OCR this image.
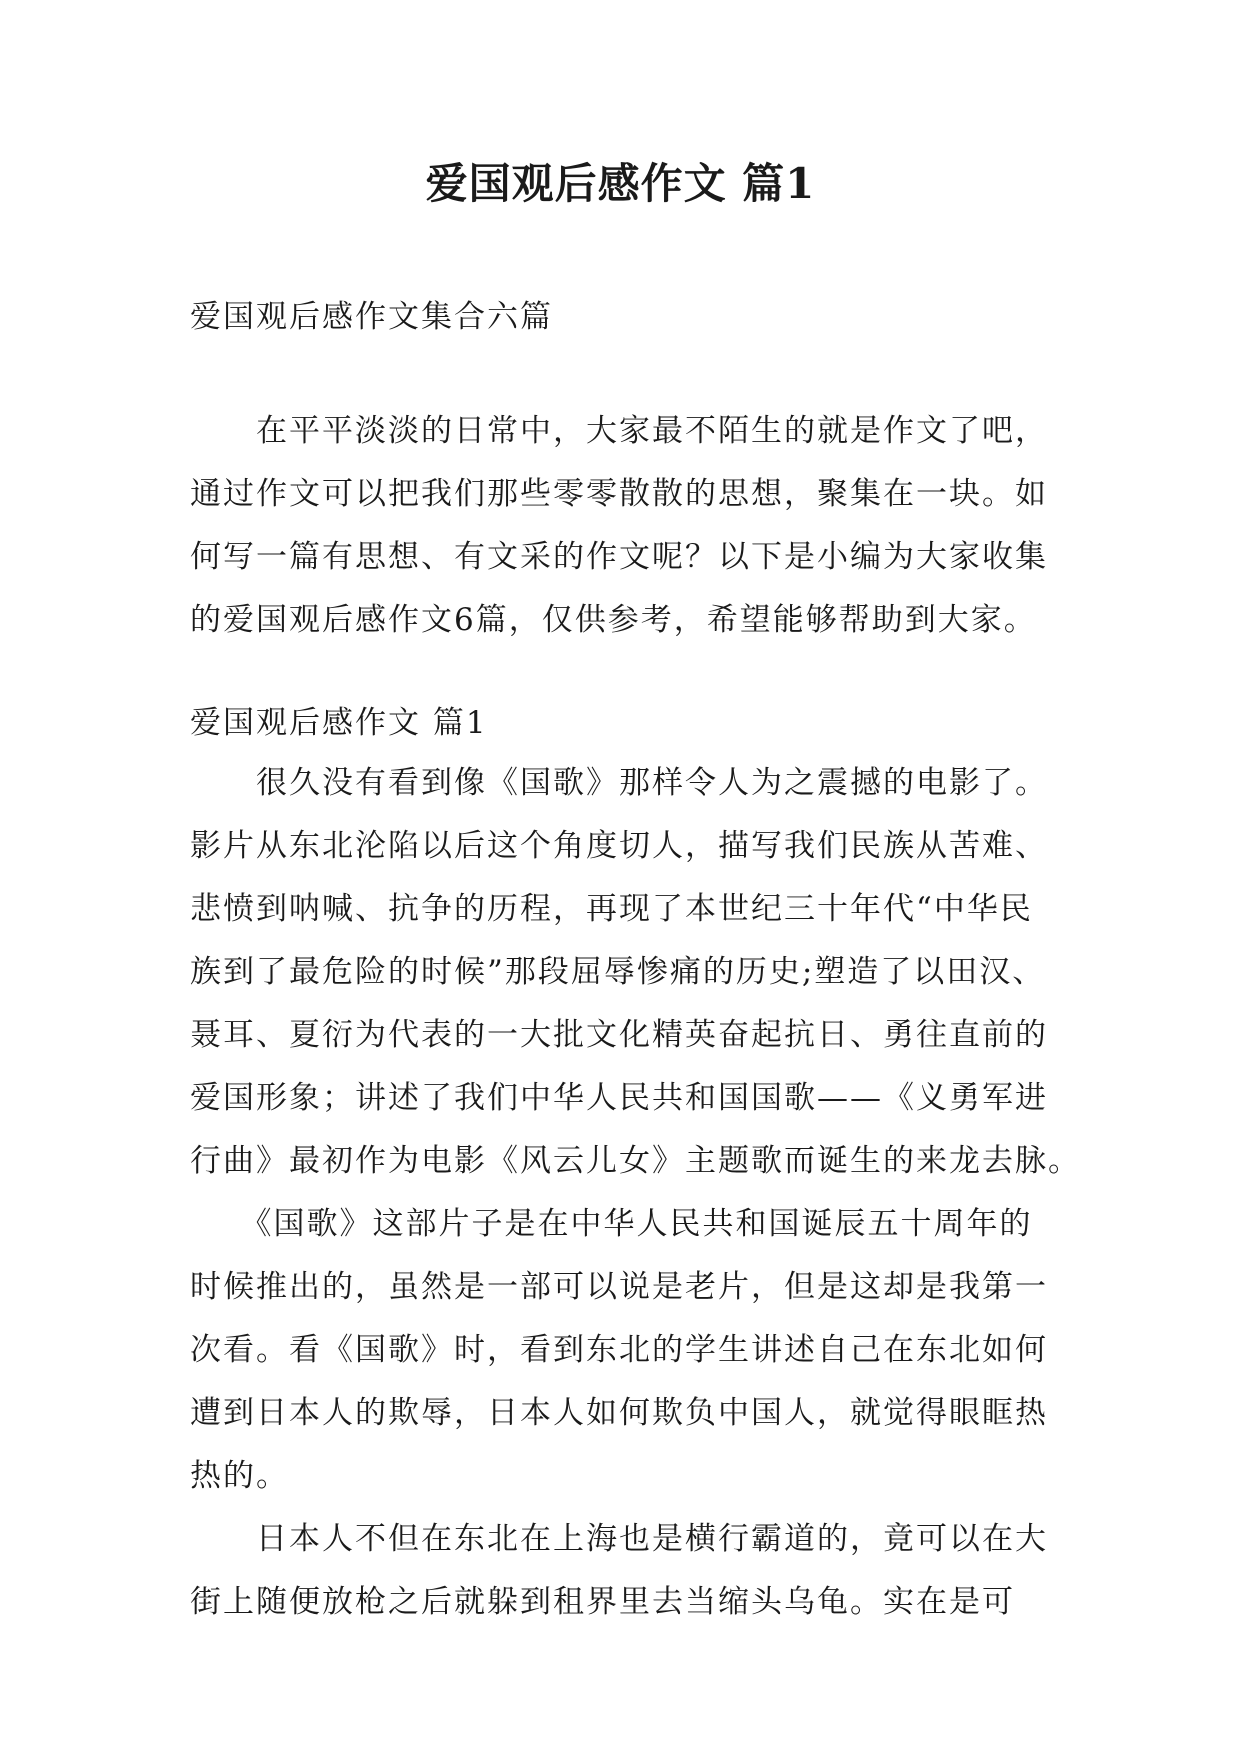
爱国观后感作文 篇1
爱国观后感作文集合六篇
　　在平平淡淡的日常中，大家最不陌生的就是作文了吧，
通过作文可以把我们那些零零散散的思想，聚集在一块。如
何写一篇有思想、有文采的作文呢？以下是小编为大家收集
的爱国观后感作文6篇，仅供参考，希望能够帮助到大家。
爱国观后感作文 篇1
　　很久没有看到像《国歌》那样令人为之震撼的电影了。
影片从东北沦陷以后这个角度切人，描写我们民族从苦难、
悲愤到呐喊、抗争的历程，再现了本世纪三十年代“中华民
族到了最危险的时候”那段屈辱惨痛的历史;塑造了以田汉、
聂耳、夏衍为代表的一大批文化精英奋起抗日、勇往直前的
爱国形象；讲述了我们中华人民共和国国歌——《义勇军进
行曲》最初作为电影《风云儿女》主题歌而诞生的来龙去脉。
　　《国歌》这部片子是在中华人民共和国诞辰五十周年的
时候推出的，虽然是一部可以说是老片，但是这却是我第一
次看。看《国歌》时，看到东北的学生讲述自己在东北如何
遭到日本人的欺辱，日本人如何欺负中国人，就觉得眼眶热
热的。
　　日本人不但在东北在上海也是横行霸道的，竟可以在大
街上随便放枪之后就躲到租界里去当缩头乌龟。实在是可
